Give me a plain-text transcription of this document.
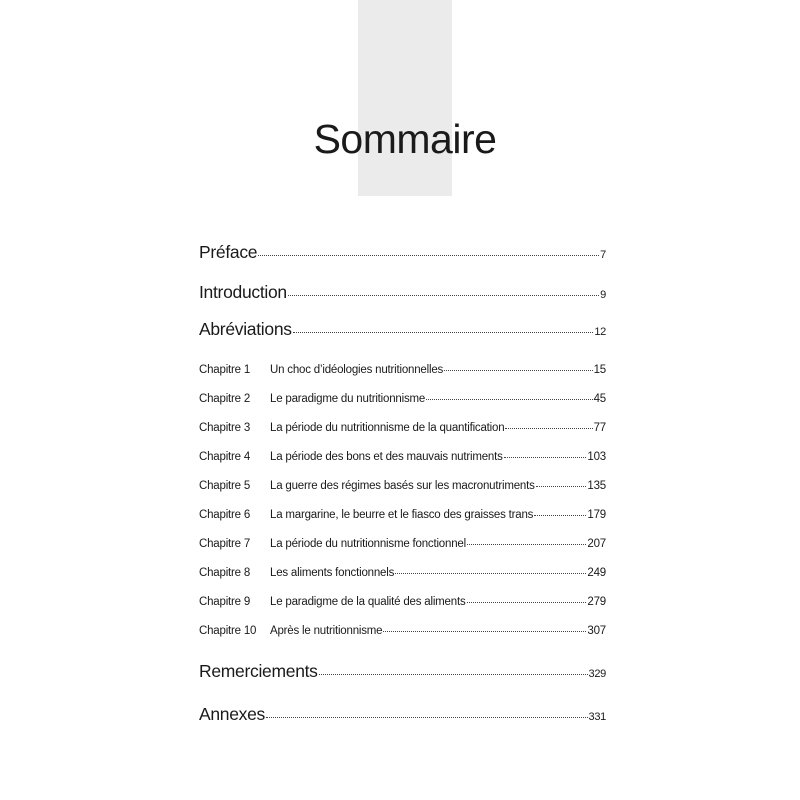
Sommaire
Préface	7
Introduction	9
Abréviations	12
Chapitre 1	Un choc d’idéologies nutritionnelles	15
Chapitre 2	Le paradigme du nutritionnisme	45
Chapitre 3	La période du nutritionnisme de la quantification	77
Chapitre 4	La période des bons et des mauvais nutriments	103
Chapitre 5	La guerre des régimes basés sur les macronutriments	135
Chapitre 6	La margarine, le beurre et le fiasco des graisses trans	179
Chapitre 7	La période du nutritionnisme fonctionnel	207
Chapitre 8	Les aliments fonctionnels	249
Chapitre 9	Le paradigme de la qualité des aliments	279
Chapitre 10	Après le nutritionnisme	307
Remerciements	329
Annexes	331
